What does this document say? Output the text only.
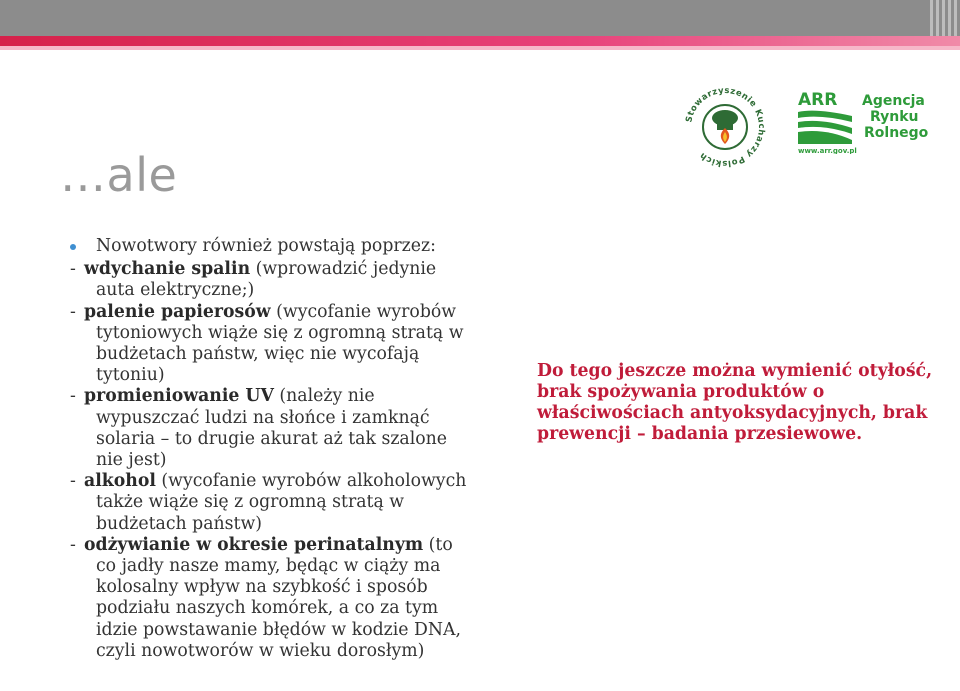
Stowarzyszenie Kucharzy Polskich
ARR Agencja
Rynku
Rolnego
www.arr.gov.pl
…ale
Nowotwory również powstają poprzez:
- wdychanie spalin (wprowadzić jedynie auta elektryczne;)
- palenie papierosów (wycofanie wyrobów tytoniowych wiąże się z ogromną stratą w budżetach państw, więc nie wycofają tytoniu)
- promieniowanie UV (należy nie wypuszczać ludzi na słońce i zamknąć solaria – to drugie akurat aż tak szalone nie jest)
- alkohol (wycofanie wyrobów alkoholowych także wiąże się z ogromną stratą w budżetach państw)
- odżywianie w okresie perinatalnym (to co jadły nasze mamy, będąc w ciąży ma kolosalny wpływ na szybkość i sposób podziału naszych komórek, a co za tym idzie powstawanie błędów w kodzie DNA, czyli nowotworów w wieku dorosłym)
Do tego jeszcze można wymienić otyłość, brak spożywania produktów o właściwościach antyoksydacyjnych, brak prewencji – badania przesiewowe.
